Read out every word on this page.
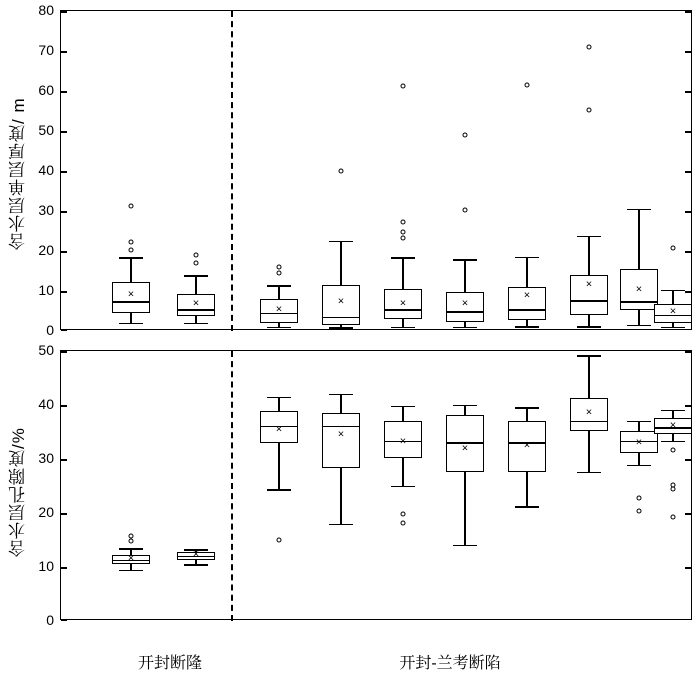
含水层单层厚度/ m
80
70
60
50
40
30
20
10
0
×
×	×
×	×	×
×
×	×
×
含水层孔隙度/%
50
40
30
20
10
0
×	×
×	×
×
×	×
×
×
×
开封断隆	开封-兰考断陷
